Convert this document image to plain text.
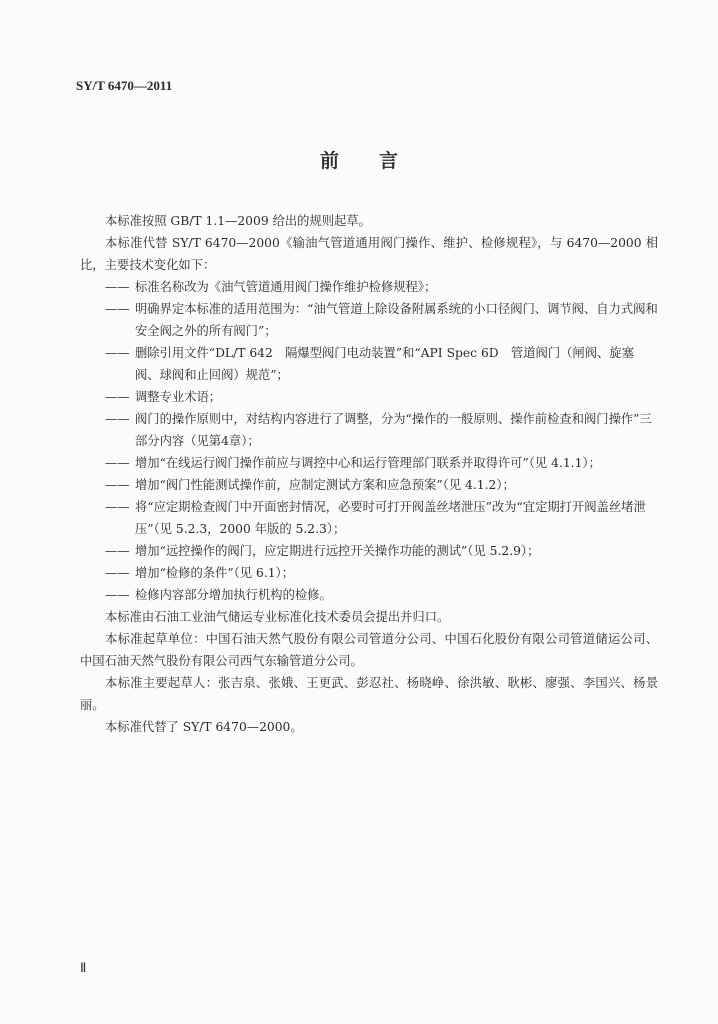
SY/T 6470—2011
前言

本标准按照 GB/T 1.1—2009 给出的规则起草。

本标准代替 SY/T 6470—2000《输油气管道通用阀门操作、维护、检修规程》，与 6470—2000 相比，主要技术变化如下：

—— 标准名称改为《油气管道通用阀门操作维护检修规程》；

—— 明确界定本标准的适用范围为：“油气管道上除设备附属系统的小口径阀门、调节阀、自力式阀和安全阀之外的所有阀门”；

—— 删除引用文件“DL/T 642　隔爆型阀门电动装置”和“API Spec 6D　管道阀门（闸阀、旋塞阀、球阀和止回阀）规范”；

—— 调整专业术语；

—— 阀门的操作原则中，对结构内容进行了调整，分为“操作的一般原则、操作前检查和阀门操作”三部分内容（见第4章）；

—— 增加“在线运行阀门操作前应与调控中心和运行管理部门联系并取得许可”（见 4.1.1）；

—— 增加“阀门性能测试操作前，应制定测试方案和应急预案”（见 4.1.2）；

—— 将“应定期检查阀门中开面密封情况，必要时可打开阀盖丝堵泄压”改为“宜定期打开阀盖丝堵泄压”（见 5.2.3，2000 年版的 5.2.3）；

—— 增加“远控操作的阀门，应定期进行远控开关操作功能的测试”（见 5.2.9）；

—— 增加“检修的条件”（见 6.1）；

—— 检修内容部分增加执行机构的检修。

本标准由石油工业油气储运专业标准化技术委员会提出并归口。

本标准起草单位：中国石油天然气股份有限公司管道分公司、中国石化股份有限公司管道储运公司、中国石油天然气股份有限公司西气东输管道分公司。

本标准主要起草人：张吉泉、张娥、王更武、彭忍社、杨晓峥、徐洪敏、耿彬、廖强、李国兴、杨景丽。

本标准代替了 SY/T 6470—2000。

Ⅱ
